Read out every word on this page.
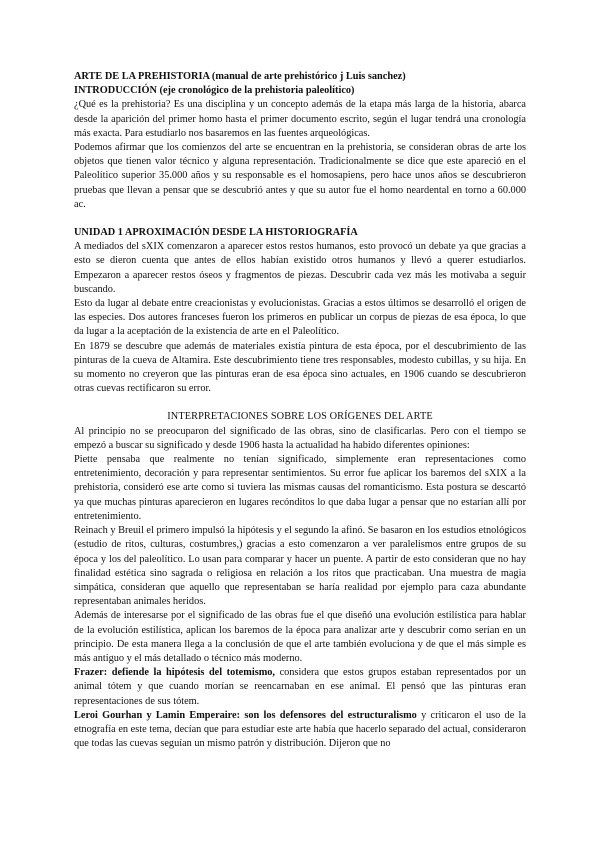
ARTE DE LA PREHISTORIA (manual de arte prehistórico j Luis sanchez)

INTRODUCCIÓN (eje cronológico de la prehistoria paleolítico)

¿Qué es la prehistoria? Es una disciplina y un concepto además de la etapa más larga de la historia, abarca desde la aparición del primer homo hasta el primer documento escrito, según el lugar tendrá una cronología más exacta. Para estudiarlo nos basaremos en las fuentes arqueológicas.

Podemos afirmar que los comienzos del arte se encuentran en la prehistoria, se consideran obras de arte los objetos que tienen valor técnico y alguna representación. Tradicionalmente se dice que este apareció en el Paleolítico superior 35.000 años y su responsable es el homosapiens, pero hace unos años se descubrieron pruebas que llevan a pensar que se descubrió antes y que su autor fue el homo neardental en torno a 60.000 ac.

UNIDAD 1 APROXIMACIÓN DESDE LA HISTORIOGRAFÍA

A mediados del sXIX comenzaron a aparecer estos restos humanos, esto provocó un debate ya que gracias a esto se dieron cuenta que antes de ellos habían existido otros humanos y llevó a querer estudiarlos. Empezaron a aparecer restos óseos y fragmentos de piezas. Descubrir cada vez más les motivaba a seguir buscando.

Esto da lugar al debate entre creacionistas y evolucionistas. Gracias a estos últimos se desarrolló el origen de las especies. Dos autores franceses fueron los primeros en publicar un corpus de piezas de esa época, lo que da lugar a la aceptación de la existencia de arte en el Paleolítico.

En 1879 se descubre que además de materiales existía pintura de esta época, por el descubrimiento de las pinturas de la cueva de Altamira. Este descubrimiento tiene tres responsables, modesto cubillas, y su hija. En su momento no creyeron que las pinturas eran de esa época sino actuales, en 1906 cuando se descubrieron otras cuevas rectificaron su error.

INTERPRETACIONES SOBRE LOS ORÍGENES DEL ARTE

Al principio no se preocuparon del significado de las obras, sino de clasificarlas. Pero con el tiempo se empezó a buscar su significado y desde 1906 hasta la actualidad ha habido diferentes opiniones:

Piette pensaba que realmente no tenían significado, simplemente eran representaciones como entretenimiento, decoración y para representar sentimientos. Su error fue aplicar los baremos del sXIX a la prehistoria, consideró ese arte como si tuviera las mismas causas del romanticismo. Esta postura se descartó ya que muchas pinturas aparecieron en lugares recónditos lo que daba lugar a pensar que no estarían allí por entretenimiento.

Reinach y Breuil el primero impulsó la hipótesis y el segundo la afinó. Se basaron en los estudios etnológicos (estudio de ritos, culturas, costumbres,) gracias a esto comenzaron a ver paralelismos entre grupos de su época y los del paleolítico. Lo usan para comparar y hacer un puente. A partir de esto consideran que no hay finalidad estética sino sagrada o religiosa en relación a los ritos que practicaban. Una muestra de magia simpática, consideran que aquello que representaban se haría realidad por ejemplo para caza abundante representaban animales heridos.

Además de interesarse por el significado de las obras fue el que diseñó una evolución estilística para hablar de la evolución estilística, aplican los baremos de la época para analizar arte y descubrir como serían en un principio. De esta manera llega a la conclusión de que el arte también evoluciona y de que el más simple es más antiguo y el más detallado o técnico más moderno.

Frazer: defiende la hipótesis del totemismo, considera que estos grupos estaban representados por un animal tótem y que cuando morían se reencarnaban en ese animal. El pensó que las pinturas eran representaciones de sus tótem.

Leroi Gourhan y Lamin Emperaire: son los defensores del estructuralismo y criticaron el uso de la etnografía en este tema, decían que para estudiar este arte había que hacerlo separado del actual, consideraron que todas las cuevas seguían un mismo patrón y distribución. Dijeron que no
